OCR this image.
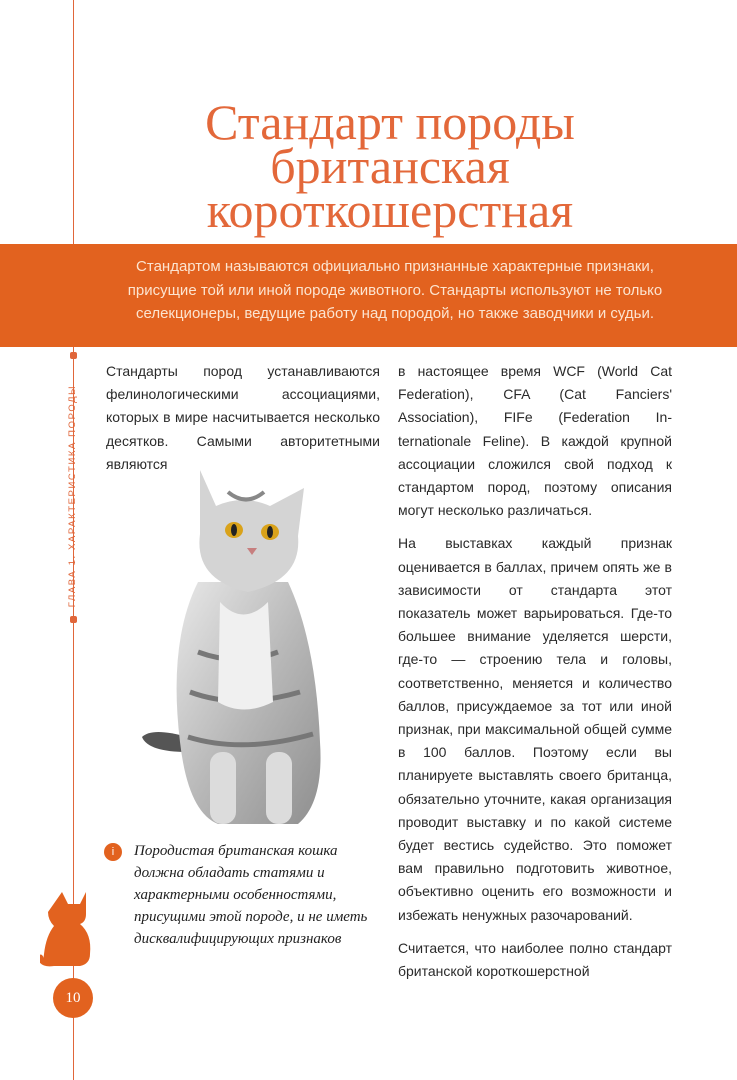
ГЛАВА 1. ХАРАКТЕРИСТИКА ПОРОДЫ
Стандарт породы
британская
короткошерстная
Стандартом называются официально признанные характерные признаки, присущие той или иной породе животного. Стандарты используют не только селекционеры, ведущие работу над породой, но также заводчики и судьи.

Стандарты пород устанавливаются фелинологическими ассоциациями, которых в мире насчитывается несколько десятков. Самыми авторитетными являются

в настоящее время WCF (World Cat Federation), CFA (Cat Fanciers' Association), FIFe (Federation In-ternationale Feline). В каждой крупной ассоциации сложился свой подход к стандартом пород, поэтому описания могут несколько различаться.

На выставках каждый признак оценивается в баллах, причем опять же в зависимости от стандарта этот показатель может варьироваться. Где-то большее внимание уделяется шерсти, где-то — строению тела и головы, соответственно, меняется и количество баллов, присуждаемое за тот или иной признак, при максимальной общей сумме в 100 баллов. Поэтому если вы планируете выставлять своего британца, обязательно уточните, какая организация проводит выставку и по какой системе будет вестись судейство. Это поможет вам правильно подготовить животное, объективно оценить его возможности и избежать ненужных разочарований.

Считается, что наиболее полно стандарт британской короткошерстной

i	Породистая британская кошка должна обладать статями и характерными особенностями, присущими этой породе, и не иметь дисквалифицирующих признаков

10
